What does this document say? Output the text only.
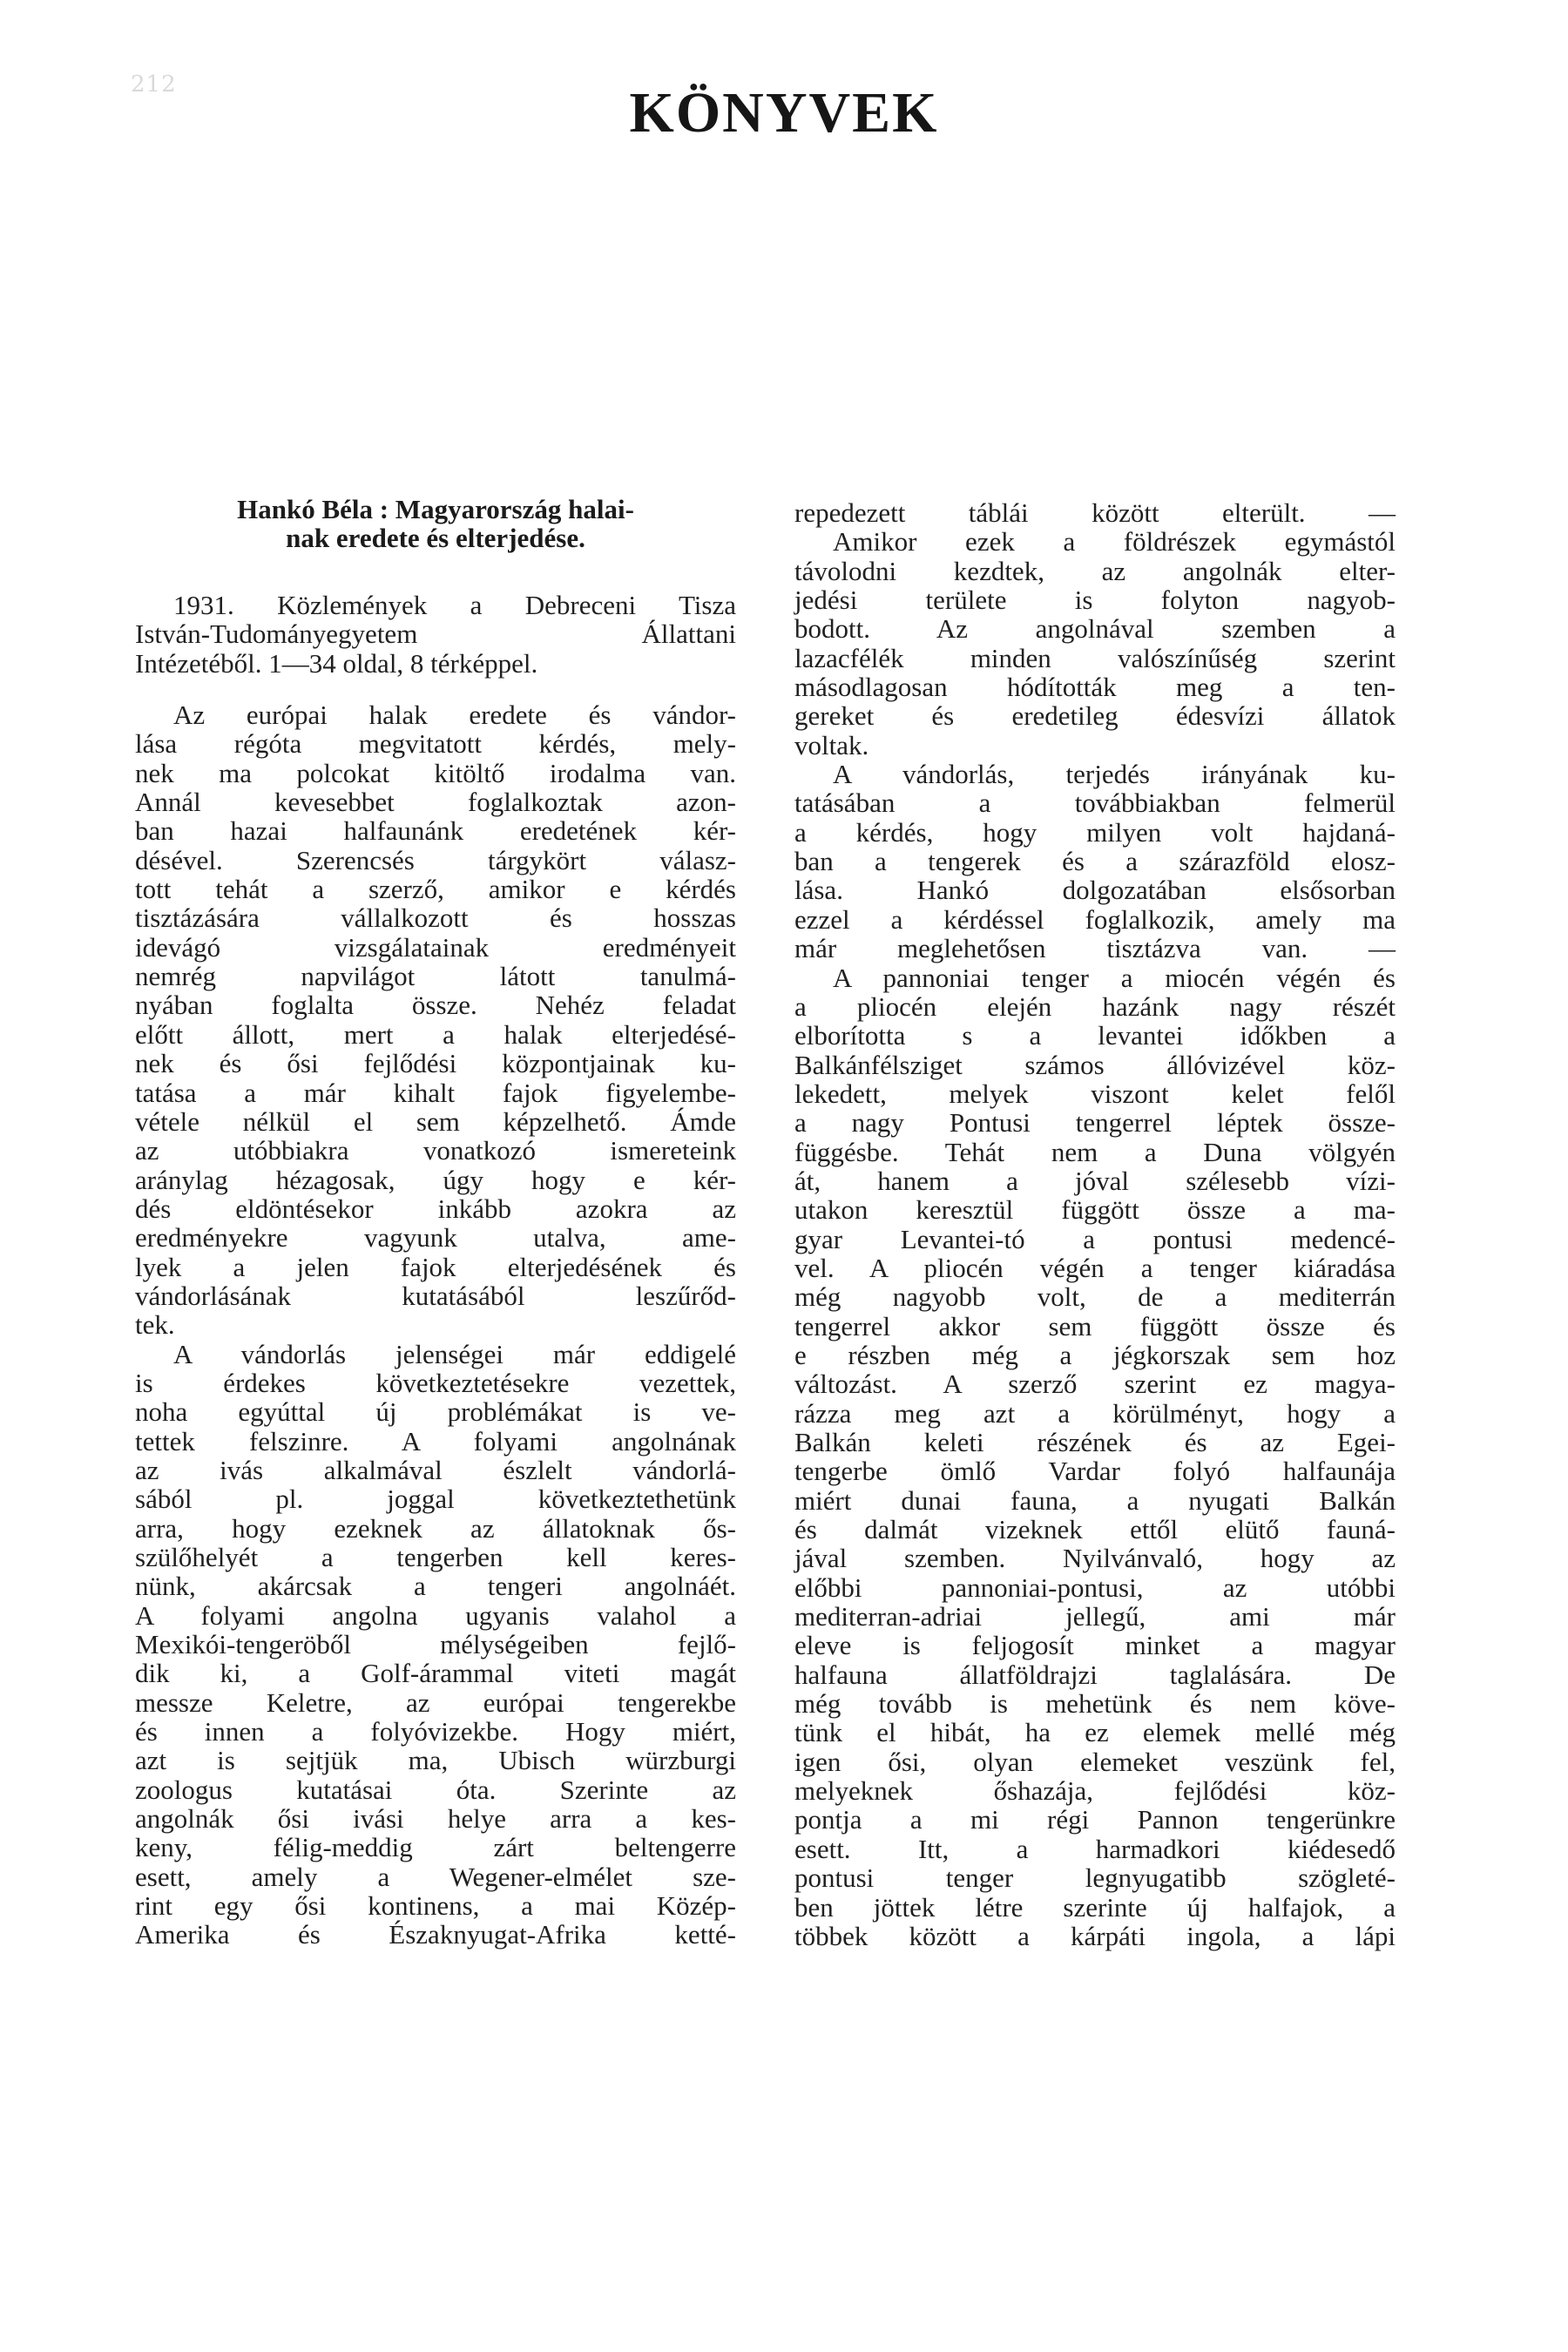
212	KÖNYVEK
Hankó Béla : Magyarország halai-
nak eredete és elterjedése.
1931. Közlemények a Debreceni Tisza
István-Tudományegyetem Állattani
Intézetéből. 1—34 oldal, 8 térképpel.
Az európai halak eredete és vándor-
lása régóta megvitatott kérdés, mely-
nek ma polcokat kitöltő irodalma van.
Annál kevesebbet foglalkoztak azon-
ban hazai halfaunánk eredetének kér-
désével. Szerencsés tárgykört válasz-
tott tehát a szerző, amikor e kérdés
tisztázására vállalkozott és hosszas
idevágó vizsgálatainak eredményeit
nemrég napvilágot látott tanulmá-
nyában foglalta össze. Nehéz feladat
előtt állott, mert a halak elterjedésé-
nek és ősi fejlődési központjainak ku-
tatása a már kihalt fajok figyelembe-
vétele nélkül el sem képzelhető. Ámde
az utóbbiakra vonatkozó ismereteink
aránylag hézagosak, úgy hogy e kér-
dés eldöntésekor inkább azokra az
eredményekre vagyunk utalva, ame-
lyek a jelen fajok elterjedésének és
vándorlásának kutatásából leszűrőd-
tek.
A vándorlás jelenségei már eddigelé
is érdekes következtetésekre vezettek,
noha egyúttal új problémákat is ve-
tettek felszinre. A folyami angolnának
az ivás alkalmával észlelt vándorlá-
sából pl. joggal következtethetünk
arra, hogy ezeknek az állatoknak ős-
szülőhelyét a tengerben kell keres-
nünk, akárcsak a tengeri angolnáét.
A folyami angolna ugyanis valahol a
Mexikói-tengeröből mélységeiben fejlő-
dik ki, a Golf-árammal viteti magát
messze Keletre, az európai tengerekbe
és innen a folyóvizekbe. Hogy miért,
azt is sejtjük ma, Ubisch würzburgi
zoologus kutatásai óta. Szerinte az
angolnák ősi ivási helye arra a kes-
keny, félig-meddig zárt beltengerre
esett, amely a Wegener-elmélet sze-
rint egy ősi kontinens, a mai Közép-
Amerika és Északnyugat-Afrika ketté-
repedezett táblái között elterült. —
Amikor ezek a földrészek egymástól
távolodni kezdtek, az angolnák elter-
jedési területe is folyton nagyob-
bodott. Az angolnával szemben a
lazacfélék minden valószínűség szerint
másodlagosan hódították meg a ten-
gereket és eredetileg édesvízi állatok
voltak.
A vándorlás, terjedés irányának ku-
tatásában a továbbiakban felmerül
a kérdés, hogy milyen volt hajdaná-
ban a tengerek és a szárazföld elosz-
lása. Hankó dolgozatában elsősorban
ezzel a kérdéssel foglalkozik, amely ma
már meglehetősen tisztázva van. —
A pannoniai tenger a miocén végén és
a pliocén elején hazánk nagy részét
elborította s a levantei időkben a
Balkánfélsziget számos állóvizével köz-
lekedett, melyek viszont kelet felől
a nagy Pontusi tengerrel léptek össze-
függésbe. Tehát nem a Duna völgyén
át, hanem a jóval szélesebb vízi-
utakon keresztül függött össze a ma-
gyar Levantei-tó a pontusi medencé-
vel. A pliocén végén a tenger kiáradása
még nagyobb volt, de a mediterrán
tengerrel akkor sem függött össze és
e részben még a jégkorszak sem hoz
változást. A szerző szerint ez magya-
rázza meg azt a körülményt, hogy a
Balkán keleti részének és az Egei-
tengerbe ömlő Vardar folyó halfaunája
miért dunai fauna, a nyugati Balkán
és dalmát vizeknek ettől elütő fauná-
jával szemben. Nyilvánvaló, hogy az
előbbi pannoniai-pontusi, az utóbbi
mediterran-adriai jellegű, ami már
eleve is feljogosít minket a magyar
halfauna állatföldrajzi taglalására. De
még tovább is mehetünk és nem köve-
tünk el hibát, ha ez elemek mellé még
igen ősi, olyan elemeket veszünk fel,
melyeknek őshazája, fejlődési köz-
pontja a mi régi Pannon tengerünkre
esett. Itt, a harmadkori kiédesedő
pontusi tenger legnyugatibb szögleté-
ben jöttek létre szerinte új halfajok, a
többek között a kárpáti ingola, a lápi
